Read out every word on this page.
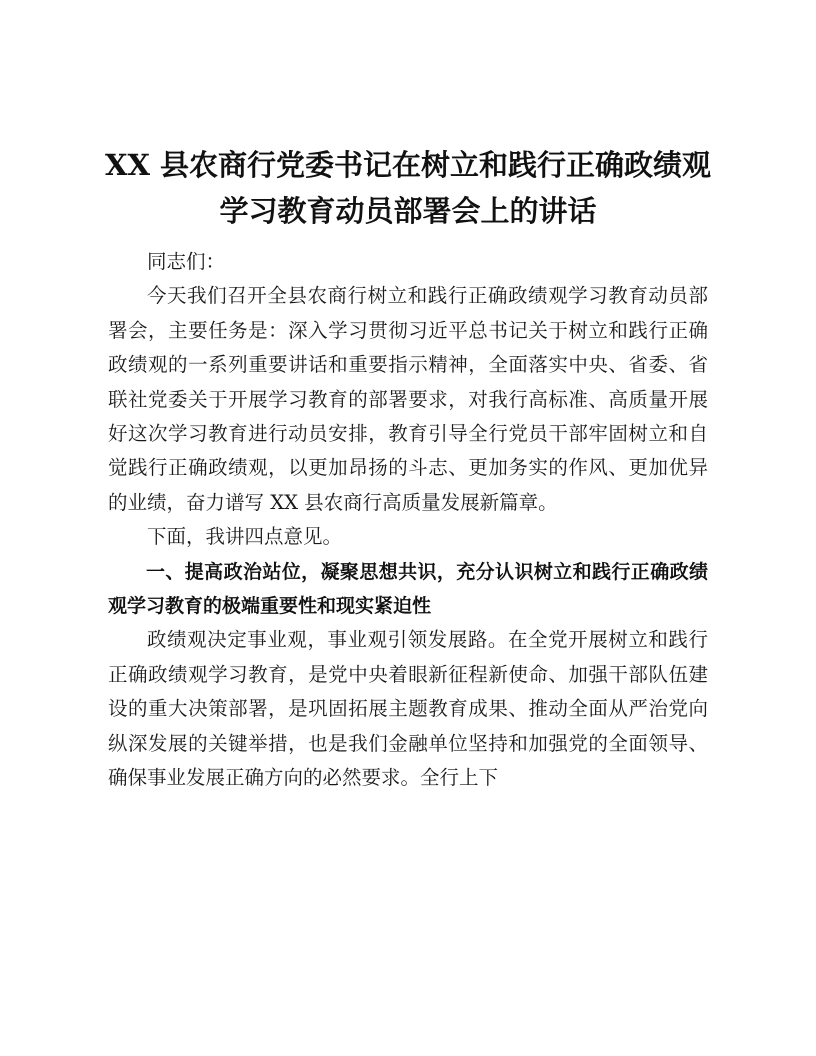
XX 县农商行党委书记在树立和践行正确政绩观
学习教育动员部署会上的讲话

同志们：

今天我们召开全县农商行树立和践行正确政绩观学习教育动员部署会，主要任务是：深入学习贯彻习近平总书记关于树立和践行正确政绩观的一系列重要讲话和重要指示精神，全面落实中央、省委、省联社党委关于开展学习教育的部署要求，对我行高标准、高质量开展好这次学习教育进行动员安排，教育引导全行党员干部牢固树立和自觉践行正确政绩观，以更加昂扬的斗志、更加务实的作风、更加优异的业绩，奋力谱写 XX 县农商行高质量发展新篇章。

下面，我讲四点意见。

一、提高政治站位，凝聚思想共识，充分认识树立和践行正确政绩观学习教育的极端重要性和现实紧迫性

政绩观决定事业观，事业观引领发展路。在全党开展树立和践行正确政绩观学习教育，是党中央着眼新征程新使命、加强干部队伍建设的重大决策部署，是巩固拓展主题教育成果、推动全面从严治党向纵深发展的关键举措，也是我们金融单位坚持和加强党的全面领导、确保事业发展正确方向的必然要求。全行上下
